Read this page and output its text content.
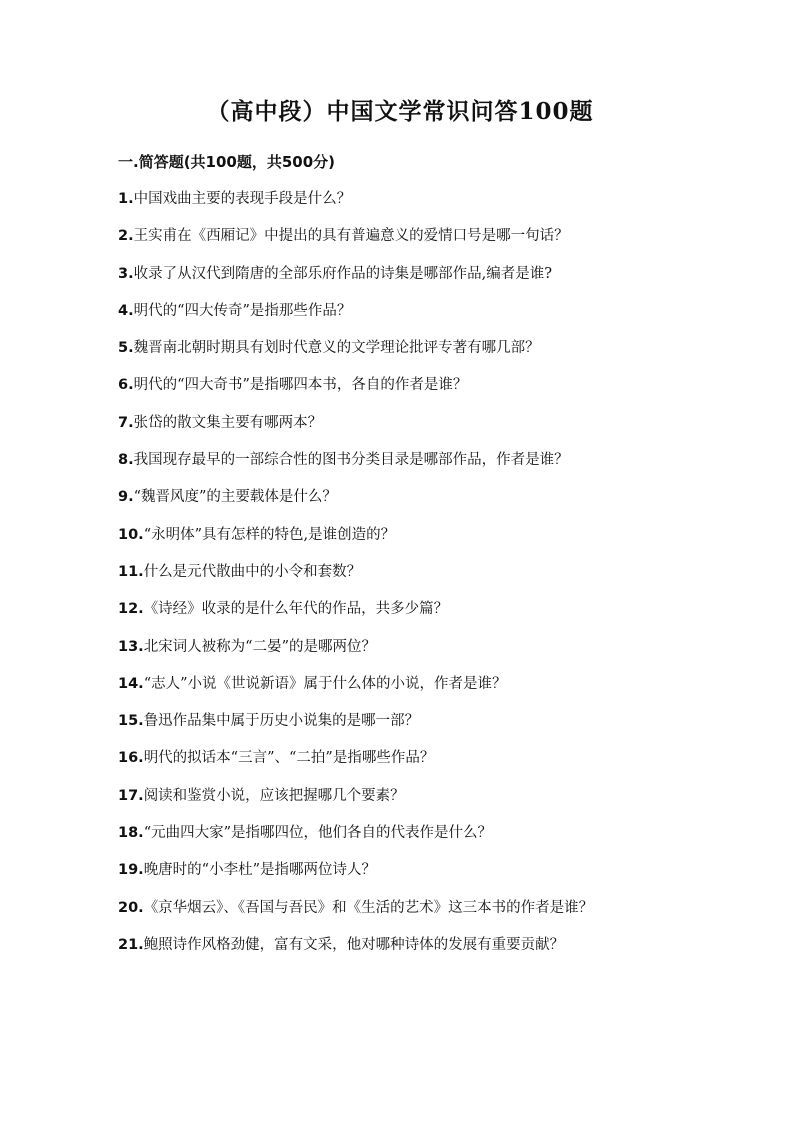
（高中段）中国文学常识问答100题
一.简答题(共100题，共500分)
1.中国戏曲主要的表现手段是什么？
2.王实甫在《西厢记》中提出的具有普遍意义的爱情口号是哪一句话？
3.收录了从汉代到隋唐的全部乐府作品的诗集是哪部作品,编者是谁?
4.明代的“四大传奇”是指那些作品？
5.魏晋南北朝时期具有划时代意义的文学理论批评专著有哪几部？
6.明代的“四大奇书”是指哪四本书，各自的作者是谁？
7.张岱的散文集主要有哪两本？
8.我国现存最早的一部综合性的图书分类目录是哪部作品，作者是谁？
9.“魏晋风度”的主要载体是什么？
10.“永明体”具有怎样的特色,是谁创造的？
11.什么是元代散曲中的小令和套数？
12.《诗经》收录的是什么年代的作品，共多少篇？
13.北宋词人被称为“二晏”的是哪两位？
14.“志人”小说《世说新语》属于什么体的小说，作者是谁？
15.鲁迅作品集中属于历史小说集的是哪一部？
16.明代的拟话本“三言”、“二拍”是指哪些作品？
17.阅读和鉴赏小说，应该把握哪几个要素？
18.“元曲四大家”是指哪四位，他们各自的代表作是什么？
19.晚唐时的“小李杜”是指哪两位诗人？
20.《京华烟云》、《吾国与吾民》和《生活的艺术》这三本书的作者是谁？
21.鲍照诗作风格劲健，富有文采，他对哪种诗体的发展有重要贡献？
